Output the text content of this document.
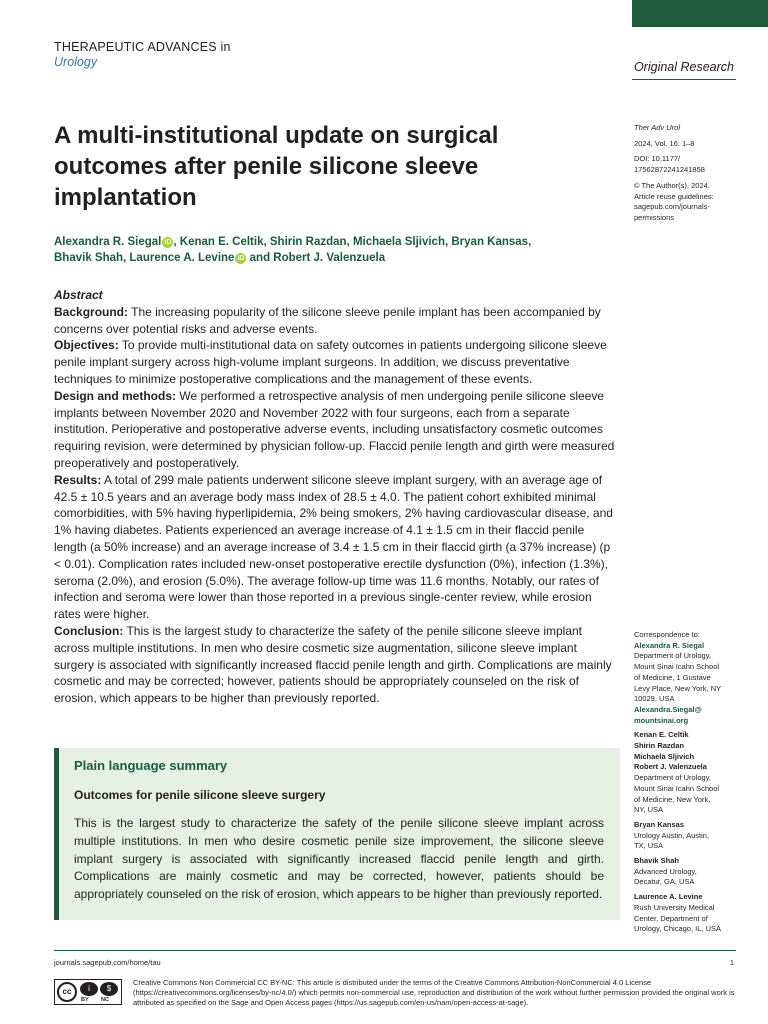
THERAPEUTIC ADVANCES in
Urology	Original Research
A multi-institutional update on surgical outcomes after penile silicone sleeve implantation
Alexandra R. Siegal iD , Kenan E. Celtik, Shirin Razdan, Michaela Sljivich, Bryan Kansas,
Bhavik Shah, Laurence A. Levine iD and Robert J. Valenzuela
Abstract

Background: The increasing popularity of the silicone sleeve penile implant has been accompanied by concerns over potential risks and adverse events.

Objectives: To provide multi-institutional data on safety outcomes in patients undergoing silicone sleeve penile implant surgery across high-volume implant surgeons. In addition, we discuss preventative techniques to minimize postoperative complications and the management of these events.

Design and methods: We performed a retrospective analysis of men undergoing penile silicone sleeve implants between November 2020 and November 2022 with four surgeons, each from a separate institution. Perioperative and postoperative adverse events, including unsatisfactory cosmetic outcomes requiring revision, were determined by physician follow-up. Flaccid penile length and girth were measured preoperatively and postoperatively.

Results: A total of 299 male patients underwent silicone sleeve implant surgery, with an average age of 42.5 ± 10.5 years and an average body mass index of 28.5 ± 4.0. The patient cohort exhibited minimal comorbidities, with 5% having hyperlipidemia, 2% being smokers, 2% having cardiovascular disease, and 1% having diabetes. Patients experienced an average increase of 4.1 ± 1.5 cm in their flaccid penile length (a 50% increase) and an average increase of 3.4 ± 1.5 cm in their flaccid girth (a 37% increase) (p < 0.01). Complication rates included new-onset postoperative erectile dysfunction (0%), infection (1.3%), seroma (2.0%), and erosion (5.0%). The average follow-up time was 11.6 months. Notably, our rates of infection and seroma were lower than those reported in a previous single-center review, while erosion rates were higher.

Conclusion: This is the largest study to characterize the safety of the penile silicone sleeve implant across multiple institutions. In men who desire cosmetic size augmentation, silicone sleeve implant surgery is associated with significantly increased flaccid penile length and girth. Complications are mainly cosmetic and may be corrected; however, patients should be appropriately counseled on the risk of erosion, which appears to be higher than previously reported.

Plain language summary
Outcomes for penile silicone sleeve surgery
This is the largest study to characterize the safety of the penile silicone sleeve implant across multiple institutions. In men who desire cosmetic penile size improvement, the silicone sleeve implant surgery is associated with significantly increased flaccid penile length and girth. Complications are mainly cosmetic and may be corrected, however, patients should be appropriately counseled on the risk of erosion, which appears to be higher than previously reported.
Ther Adv Urol
2024, Vol. 16: 1–8
DOI: 10.1177/
17562872241241858
© The Author(s), 2024.
Article reuse guidelines:
sagepub.com/journals-
permissions
Correspondence to:
Alexandra R. Siegal
Department of Urology,
Mount Sinai Icahn School
of Medicine, 1 Gustave
Levy Place, New York, NY
10029, USA
Alexandra.Siegal@
mountsinai.org
Kenan E. Celtik
Shirin Razdan
Michaela Sljivich
Robert J. Valenzuela
Department of Urology,
Mount Sinai Icahn School
of Medicine, New York,
NY, USA
Bryan Kansas
Urology Austin, Austin,
TX, USA
Bhavik Shah
Advanced Urology,
Decatur, GA, USA
Laurence A. Levine
Rush University Medical
Center, Department of
Urology, Chicago, IL, USA
journals.sagepub.com/home/tau	1
cc	i	$
BY NC
Creative Commons Non Commercial CC BY-NC: This article is distributed under the terms of the Creative Commons Attribution-NonCommercial 4.0 License (https://creativecommons.org/licenses/by-nc/4.0/) which permits non-commercial use, reproduction and distribution of the work without further permission provided the original work is attributed as specified on the Sage and Open Access pages (https://us.sagepub.com/en-us/nam/open-access-at-sage).
